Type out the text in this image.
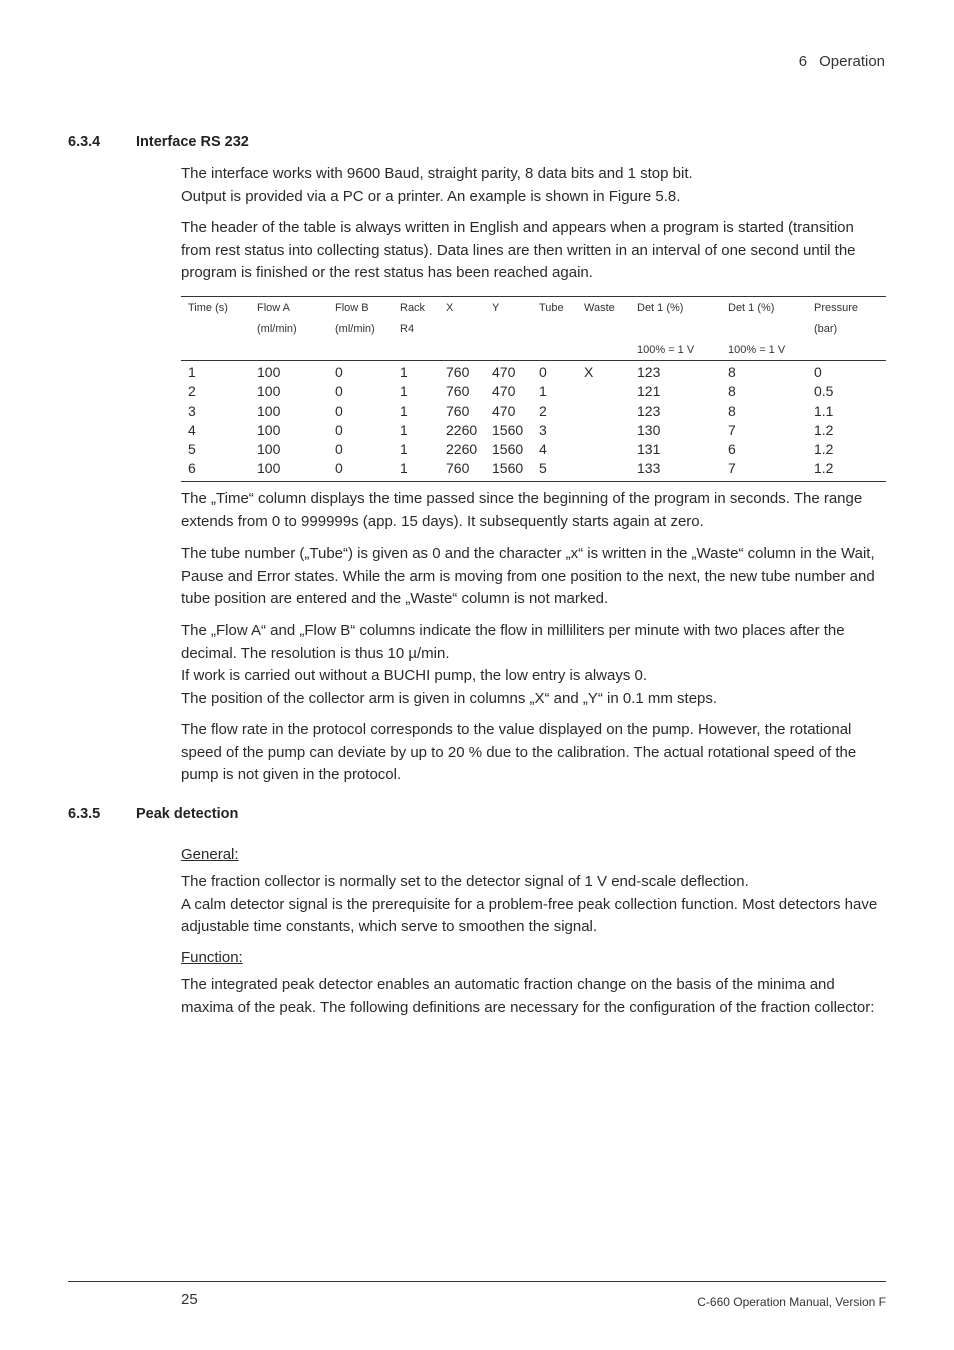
6 Operation
6.3.4 Interface RS 232

The interface works with 9600 Baud, straight parity, 8 data bits and 1 stop bit.

Output is provided via a PC or a printer. An example is shown in Figure 5.8.

The header of the table is always written in English and appears when a program is started (transition from rest status into collecting status). Data lines are then written in an interval of one second until the program is finished or the rest status has been reached again.

Time (s)	Flow A	Flow B	Rack	X	Y	Tube	Waste	Det 1 (%)	Det 1 (%)	Pressure
	(ml/min)	(ml/min)	R4							(bar)
								100% = 1 V	100% = 1 V	
1	100	0	1	760	470	0	X	123	8	0
2	100	0	1	760	470	1		121	8	0.5
3	100	0	1	760	470	2		123	8	1.1
4	100	0	1	2260	1560	3		130	7	1.2
5	100	0	1	2260	1560	4		131	6	1.2
6	100	0	1	760	1560	5		133	7	1.2

The „Time“ column displays the time passed since the beginning of the program in seconds. The range extends from 0 to 999999s (app. 15 days). It subsequently starts again at zero.

The tube number („Tube“) is given as 0 and the character „x“ is written in the „Waste“ column in the Wait, Pause and Error states. While the arm is moving from one position to the next, the new tube number and tube position are entered and the „Waste“ column is not marked.

The „Flow A“ and „Flow B“ columns indicate the flow in milliliters per minute with two places after the decimal. The resolution is thus 10 µ/min.

If work is carried out without a BUCHI pump, the low entry is always 0.

The position of the collector arm is given in columns „X“ and „Y“ in 0.1 mm steps.

The flow rate in the protocol corresponds to the value displayed on the pump. However, the rotational speed of the pump can deviate by up to 20 % due to the calibration. The actual rotational speed of the pump is not given in the protocol.

6.3.5 Peak detection

General:

The fraction collector is normally set to the detector signal of 1 V end-scale deflection.

A calm detector signal is the prerequisite for a problem-free peak collection function. Most detectors have adjustable time constants, which serve to smoothen the signal.

Function:

The integrated peak detector enables an automatic fraction change on the basis of the minima and maxima of the peak. The following definitions are necessary for the configuration of the fraction collector:

25	C-660 Operation Manual, Version F
